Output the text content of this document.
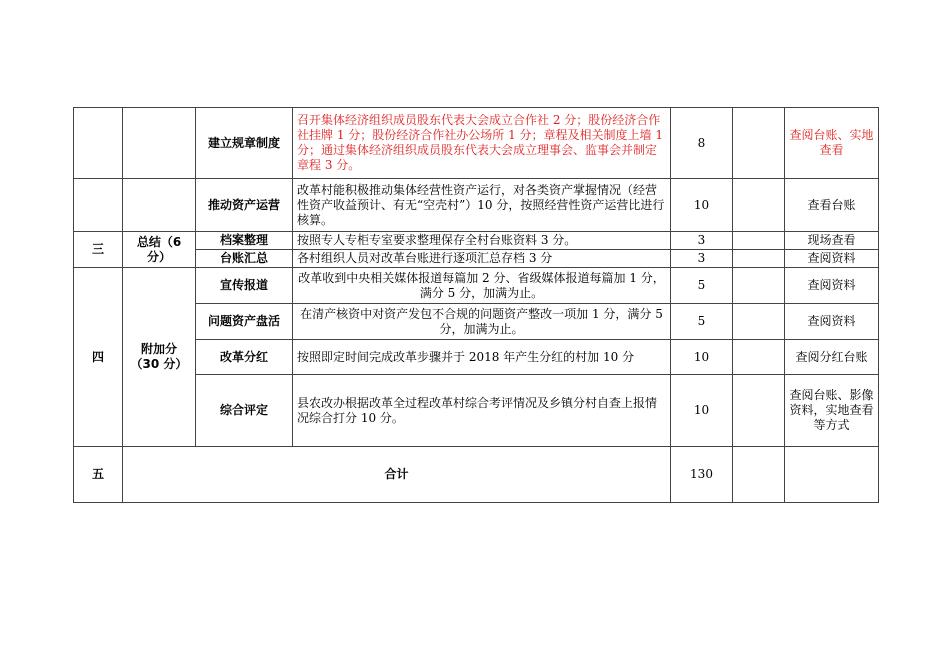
		建立规章制度	召开集体经济组织成员股东代表大会成立合作社 2 分；股份经济合作社挂牌 1 分；股份经济合作社办公场所 1 分；章程及相关制度上墙 1 分；通过集体经济组织成员股东代表大会成立理事会、监事会并制定章程 3 分。	8		查阅台账、实地查看
		推动资产运营	改革村能积极推动集体经营性资产运行，对各类资产掌握情况（经营性资产收益预计、有无“空壳村”）10 分，按照经营性资产运营比进行核算。	10		查看台账
三	总结（6 分）	档案整理	按照专人专柜专室要求整理保存全村台账资料 3 分。	3		现场查看
		台账汇总	各村组织人员对改革台账进行逐项汇总存档 3 分	3		查阅资料
四	附加分（30 分）	宣传报道	改革收到中央相关媒体报道每篇加 2 分、省级媒体报道每篇加 1 分，满分 5 分，加满为止。	5		查阅资料
		问题资产盘活	在清产核资中对资产发包不合规的问题资产整改一项加 1 分，满分 5 分，加满为止。	5		查阅资料
		改革分红	按照即定时间完成改革步骤并于 2018 年产生分红的村加 10 分	10		查阅分红台账
		综合评定	县农改办根据改革全过程改革村综合考评情况及乡镇分村自查上报情况综合打分 10 分。	10		查阅台账、影像资料，实地查看等方式
五	合计			130		
